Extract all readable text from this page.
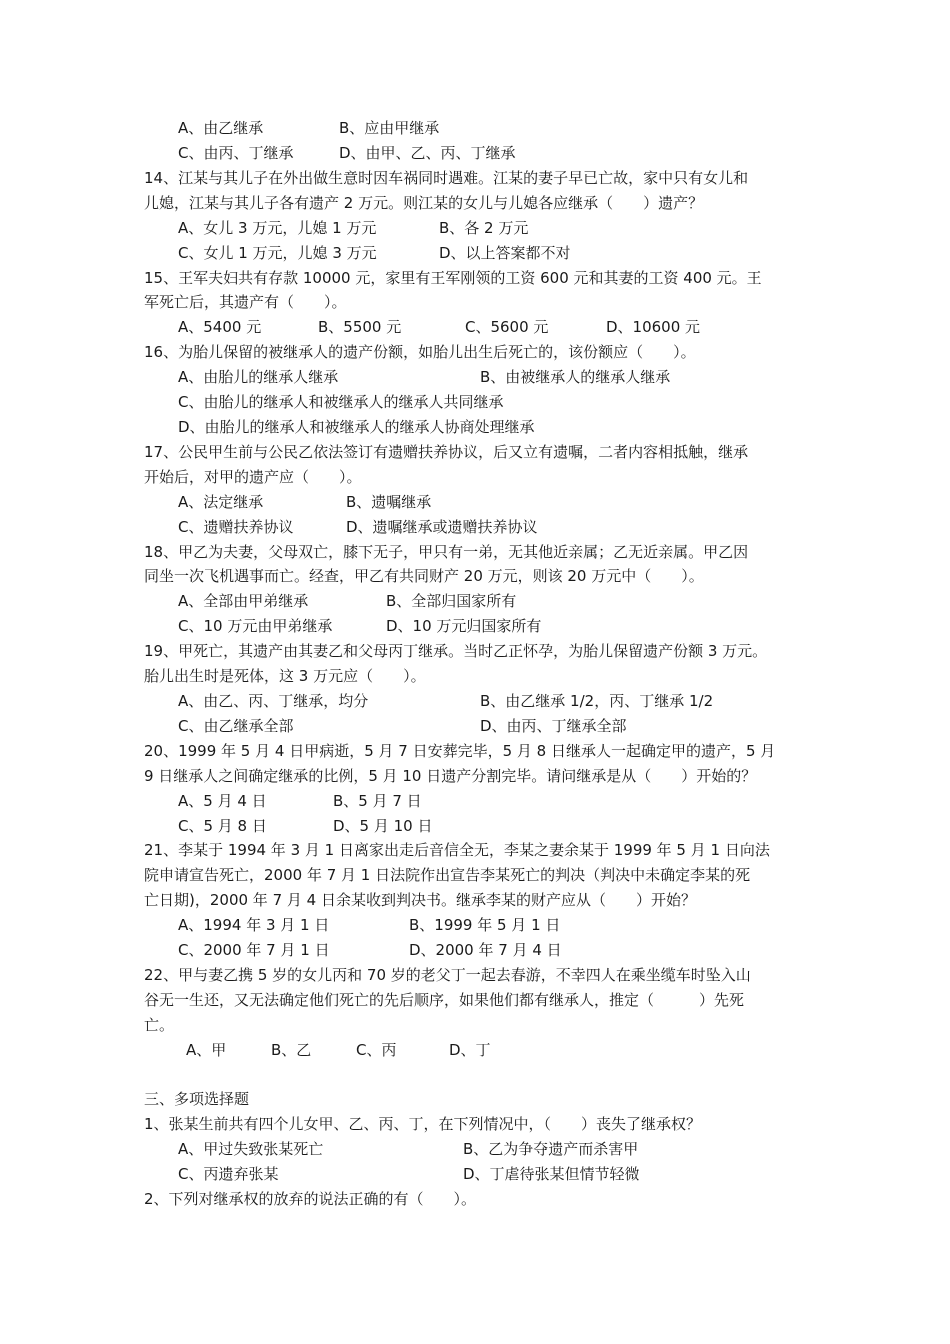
A、由乙继承	B、应由甲继承
C、由丙、丁继承	D、由甲、乙、丙、丁继承
14、江某与其儿子在外出做生意时因车祸同时遇难。江某的妻子早已亡故，家中只有女儿和
儿媳，江某与其儿子各有遗产 2 万元。则江某的女儿与儿媳各应继承（　　）遗产？
A、女儿 3 万元，儿媳 1 万元	B、各 2 万元
C、女儿 1 万元，儿媳 3 万元	D、以上答案都不对
15、王军夫妇共有存款 10000 元，家里有王军刚领的工资 600 元和其妻的工资 400 元。王
军死亡后，其遗产有（　　）。
A、5400 元	B、5500 元	C、5600 元	D、10600 元
16、为胎儿保留的被继承人的遗产份额，如胎儿出生后死亡的，该份额应（　　）。
A、由胎儿的继承人继承	B、由被继承人的继承人继承
C、由胎儿的继承人和被继承人的继承人共同继承
D、由胎儿的继承人和被继承人的继承人协商处理继承
17、公民甲生前与公民乙依法签订有遗赠扶养协议，后又立有遗嘱，二者内容相抵触，继承
开始后，对甲的遗产应（　　）。
A、法定继承	B、遗嘱继承
C、遗赠扶养协议	D、遗嘱继承或遗赠扶养协议
18、甲乙为夫妻，父母双亡，膝下无子，甲只有一弟，无其他近亲属；乙无近亲属。甲乙因
同坐一次飞机遇事而亡。经查，甲乙有共同财产 20 万元，则该 20 万元中（　　）。
A、全部由甲弟继承	B、全部归国家所有
C、10 万元由甲弟继承	D、10 万元归国家所有
19、甲死亡，其遗产由其妻乙和父母丙丁继承。当时乙正怀孕，为胎儿保留遗产份额 3 万元。
胎儿出生时是死体，这 3 万元应（　　）。
A、由乙、丙、丁继承，均分	B、由乙继承 1/2，丙、丁继承 1/2
C、由乙继承全部	D、由丙、丁继承全部
20、1999 年 5 月 4 日甲病逝，5 月 7 日安葬完毕，5 月 8 日继承人一起确定甲的遗产，5 月
9 日继承人之间确定继承的比例，5 月 10 日遗产分割完毕。请问继承是从（　　）开始的？
A、5 月 4 日	B、5 月 7 日
C、5 月 8 日	D、5 月 10 日
21、李某于 1994 年 3 月 1 日离家出走后音信全无，李某之妻余某于 1999 年 5 月 1 日向法
院申请宣告死亡，2000 年 7 月 1 日法院作出宣告李某死亡的判决（判决中未确定李某的死
亡日期)，2000 年 7 月 4 日余某收到判决书。继承李某的财产应从（　　）开始？
A、1994 年 3 月 1 日	B、1999 年 5 月 1 日
C、2000 年 7 月 1 日	D、2000 年 7 月 4 日
22、甲与妻乙携 5 岁的女儿丙和 70 岁的老父丁一起去春游，不幸四人在乘坐缆车时坠入山
谷无一生还，又无法确定他们死亡的先后顺序，如果他们都有继承人，推定（　　　）先死
亡。
A、甲	B、乙	C、丙	D、丁
三、多项选择题
1、张某生前共有四个儿女甲、乙、丙、丁，在下列情况中，（　　）丧失了继承权？
A、甲过失致张某死亡	B、乙为争夺遗产而杀害甲
C、丙遗弃张某	D、丁虐待张某但情节轻微
2、下列对继承权的放弃的说法正确的有（　　）。
